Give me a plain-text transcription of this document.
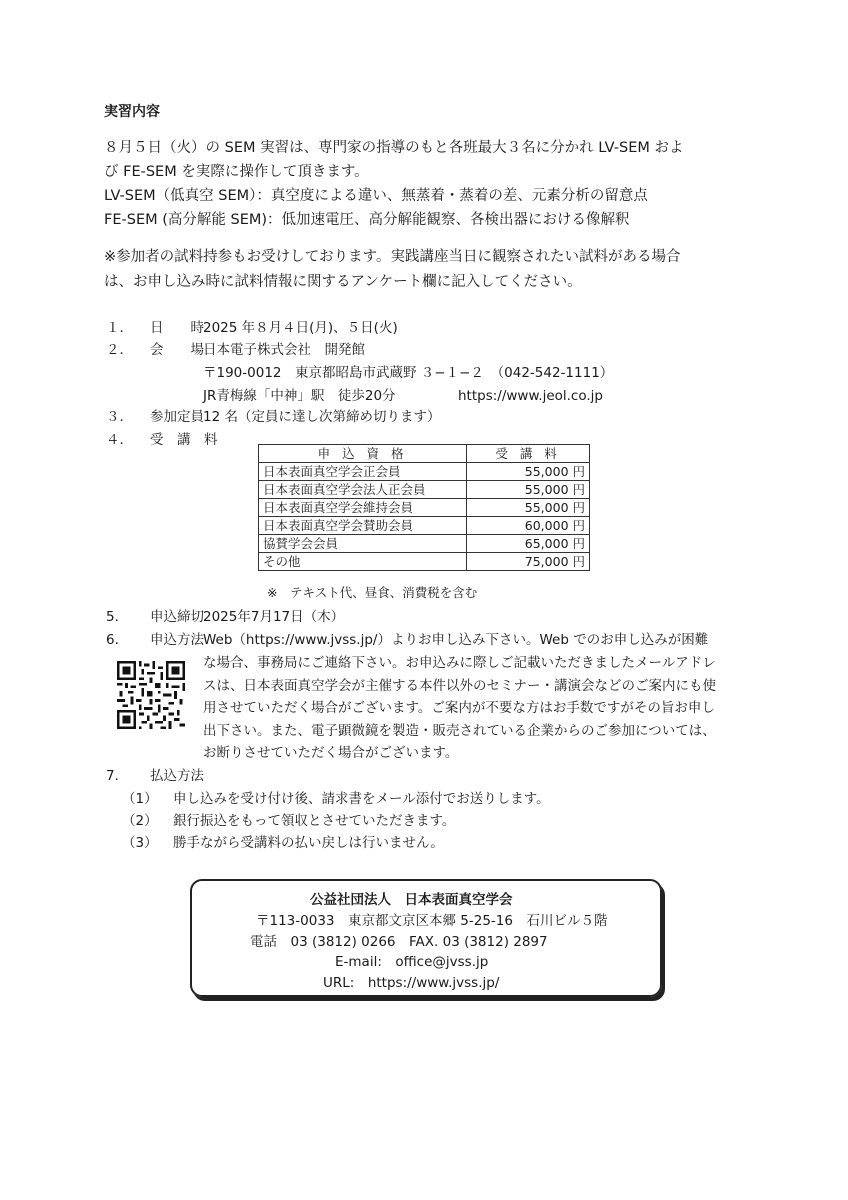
実習内容
８月５日（火）の SEM 実習は、専門家の指導のもと各班最大３名に分かれ LV-SEM およ
び FE-SEM を実際に操作して頂きます。
LV-SEM（低真空 SEM）：真空度による違い、無蒸着・蒸着の差、元素分析の留意点
FE-SEM (高分解能 SEM)：低加速電圧、高分解能観察、各検出器における像解釈
※参加者の試料持参もお受けしております。実践講座当日に観察されたい試料がある場合
は、お申し込み時に試料情報に関するアンケート欄に記入してください。
１． 日　　時 2025 年８月４日(月)、５日(火)
２． 会　　場 日本電子株式会社　開発館
〒190-0012　東京都昭島市武蔵野 ３−１−２　（042-542-1111）
JR青梅線「中神」駅　徒歩20分	https://www.jeol.co.jp
３． 参加定員 12 名（定員に達し次第締め切ります）
４． 受　講　料
申 込 資 格	受 講 料
日本表面真空学会正会員	55,000 円
日本表面真空学会法人正会員	55,000 円
日本表面真空学会維持会員	55,000 円
日本表面真空学会賛助会員	60,000 円
協賛学会会員	65,000 円
その他	75,000 円
※　テキスト代、昼食、消費税を含む
5. 申込締切 2025年7月17日（木）
6. 申込方法 Web（https://www.jvss.jp/）よりお申し込み下さい。Web でのお申し込みが困難
な場合、事務局にご連絡下さい。お申込みに際しご記載いただきましたメールアドレ
スは、日本表面真空学会が主催する本件以外のセミナー・講演会などのご案内にも使
用させていただく場合がございます。ご案内が不要な方はお手数ですがその旨お申し
出下さい。また、電子顕微鏡を製造・販売されている企業からのご参加については、
お断りさせていただく場合がございます。
7. 払込方法
（1） 申し込みを受け付け後、請求書をメール添付でお送りします。
（2） 銀行振込をもって領収とさせていただきます。
（3） 勝手ながら受講料の払い戻しは行いません。
公益社団法人　日本表面真空学会
〒113-0033　東京都文京区本郷 5-25-16　石川ビル５階
電話　03 (3812) 0266　FAX. 03 (3812) 2897
E-mail:　office@jvss.jp
URL:　https://www.jvss.jp/
